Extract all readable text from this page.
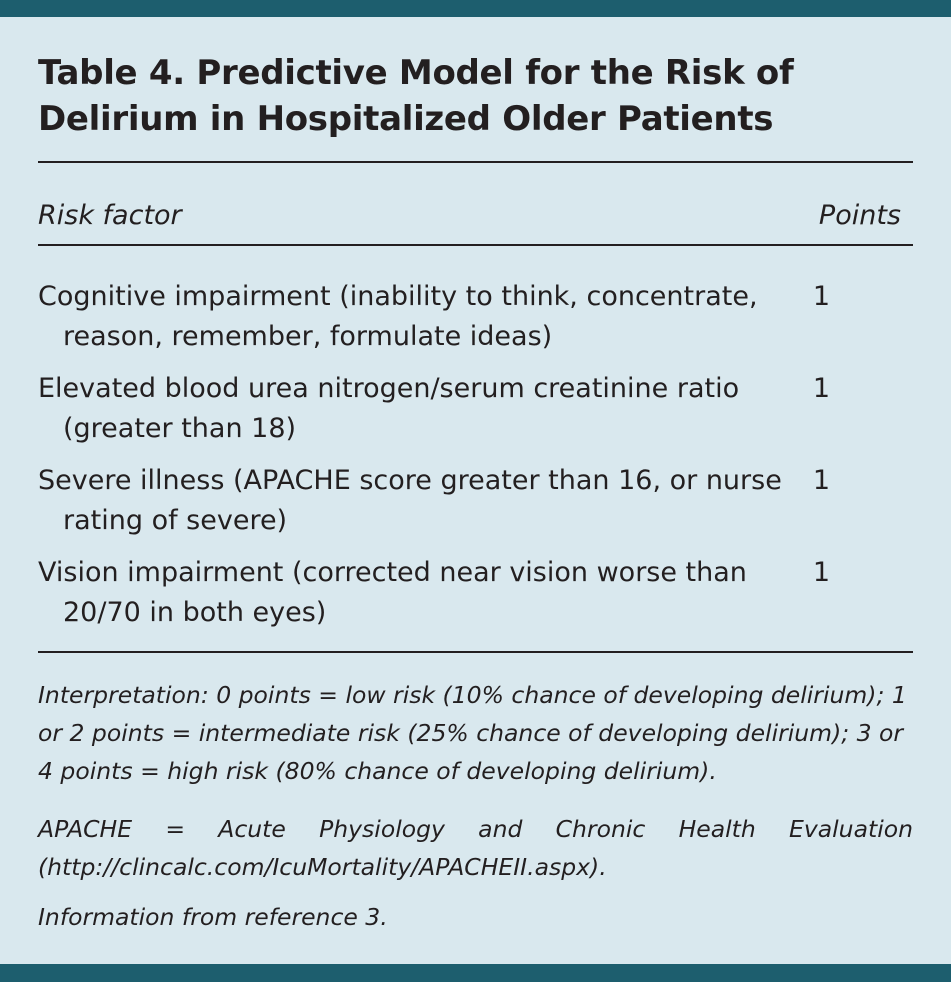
Table 4. Predictive Model for the Risk of Delirium in Hospitalized Older Patients
Risk factor	Points
Cognitive impairment (inability to think, concentrate, reason, remember, formulate ideas)
1
Elevated blood urea nitrogen/serum creatinine ratio (greater than 18)
1
Severe illness (APACHE score greater than 16, or nurse rating of severe)
1
Vision impairment (corrected near vision worse than 20/70 in both eyes)
1

Interpretation: 0 points = low risk (10% chance of developing delirium); 1 or 2 points = intermediate risk (25% chance of developing delirium); 3 or 4 points = high risk (80% chance of developing delirium).

APACHE = Acute Physiology and Chronic Health Evaluation (http://clincalc.com/IcuMortality/APACHEII.aspx).

Information from reference 3.
